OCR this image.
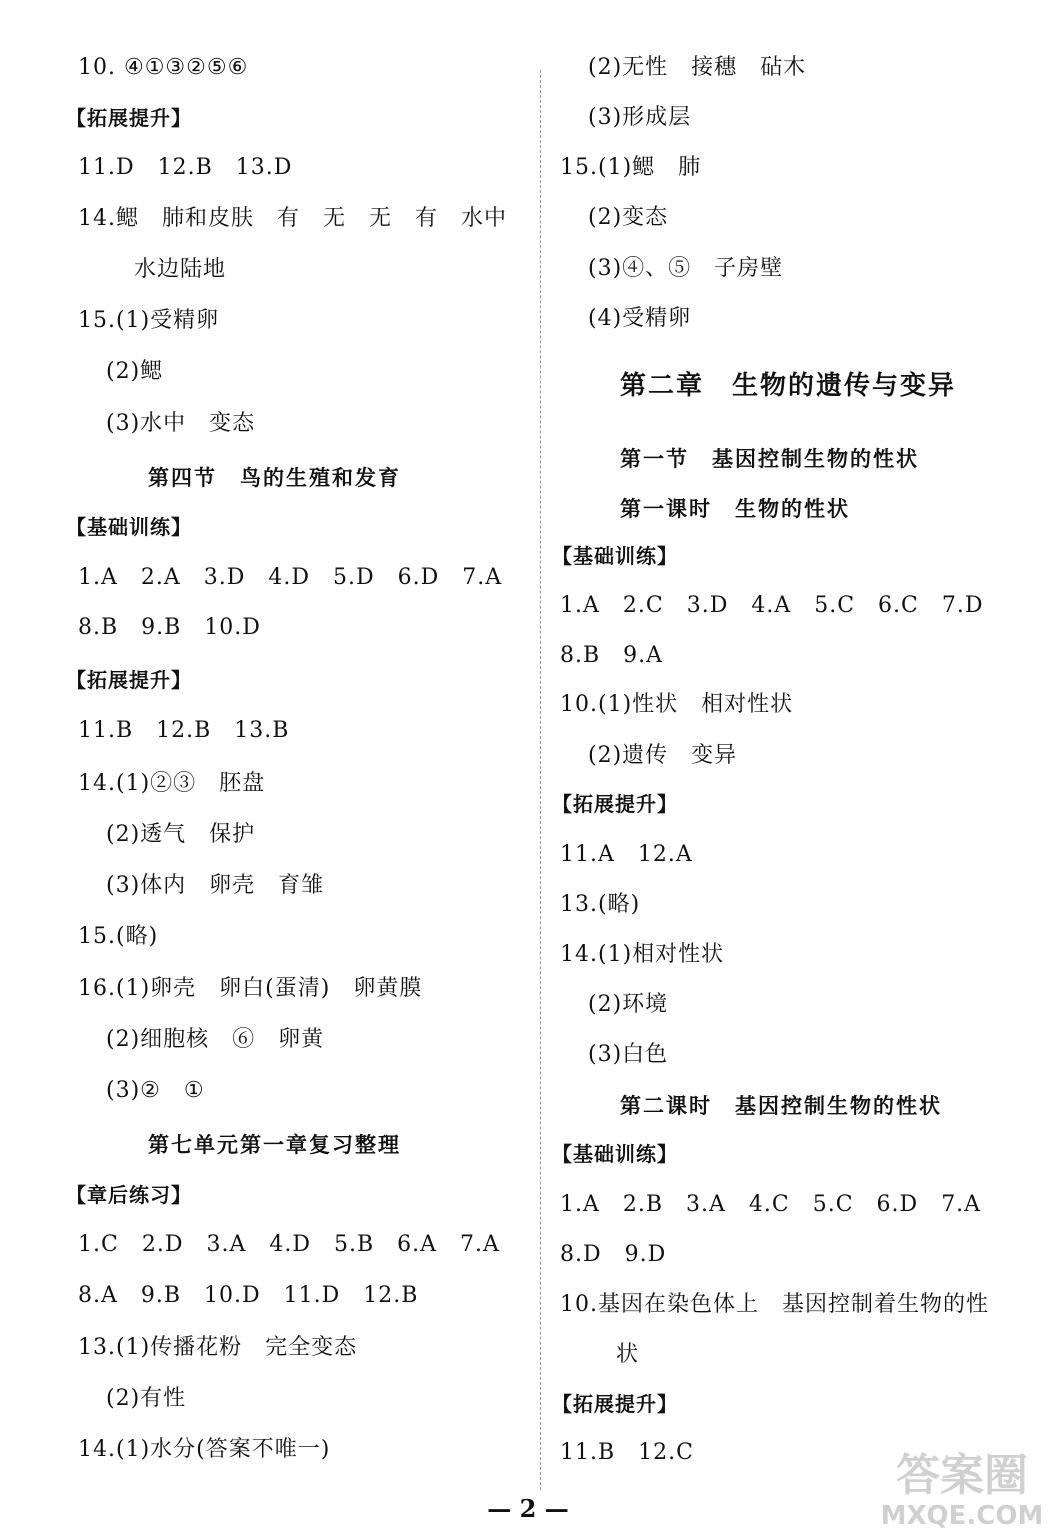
10. ④①③②⑤⑥
【拓展提升】
11.D　12.B　13.D
14.鳃　肺和皮肤　有　无　无　有　水中
水边陆地
15.(1)受精卵
(2)鳃
(3)水中　变态
第四节　鸟的生殖和发育
【基础训练】
1.A　2.A　3.D　4.D　5.D　6.D　7.A
8.B　9.B　10.D
【拓展提升】
11.B　12.B　13.B
14.(1)②③　胚盘
(2)透气　保护
(3)体内　卵壳　育雏
15.(略)
16.(1)卵壳　卵白(蛋清)　卵黄膜
(2)细胞核　⑥　卵黄
(3)②　①
第七单元第一章复习整理
【章后练习】
1.C　2.D　3.A　4.D　5.B　6.A　7.A
8.A　9.B　10.D　11.D　12.B
13.(1)传播花粉　完全变态
(2)有性
14.(1)水分(答案不唯一)
(2)无性　接穗　砧木
(3)形成层
15.(1)鳃　肺
(2)变态
(3)④、⑤　子房壁
(4)受精卵
第二章　生物的遗传与变异
第一节　基因控制生物的性状
第一课时　生物的性状
【基础训练】
1.A　2.C　3.D　4.A　5.C　6.C　7.D
8.B　9.A
10.(1)性状　相对性状
(2)遗传　变异
【拓展提升】
11.A　12.A
13.(略)
14.(1)相对性状
(2)环境
(3)白色
第二课时　基因控制生物的性状
【基础训练】
1.A　2.B　3.A　4.C　5.C　6.D　7.A
8.D　9.D
10.基因在染色体上　基因控制着生物的性
状
【拓展提升】
11.B　12.C
— 2 —
答案圈
MXQE.COM
